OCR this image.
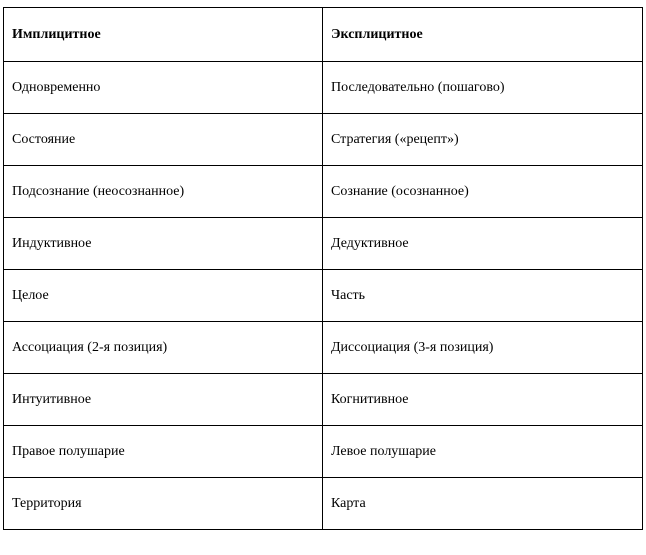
Имплицитное	Эксплицитное
Одновременно	Последовательно (пошагово)
Состояние	Стратегия («рецепт»)
Подсознание (неосознанное)	Сознание (осознанное)
Индуктивное	Дедуктивное
Целое	Часть
Ассоциация (2-я позиция)	Диссоциация (3-я позиция)
Интуитивное	Когнитивное
Правое полушарие	Левое полушарие
Территория	Карта
